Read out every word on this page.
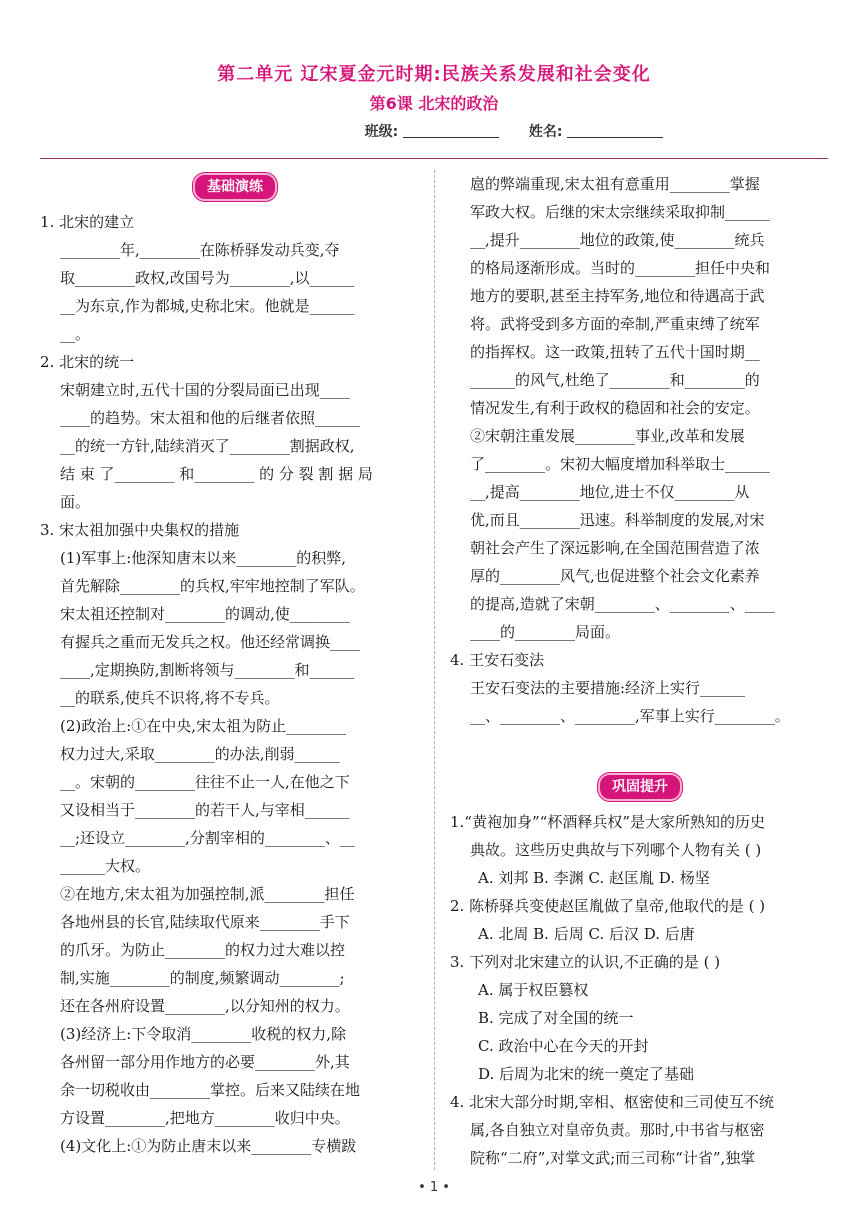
第二单元 辽宋夏金元时期:民族关系发展和社会变化
第6课 北宋的政治
班级:	姓名:
基础演练

1. 北宋的建立

________年,________在陈桥驿发动兵变,夺

取________政权,改国号为________,以______

__为东京,作为都城,史称北宋。他就是______

__。

2. 北宋的统一

宋朝建立时,五代十国的分裂局面已出现____

____的趋势。宋太祖和他的后继者依照______

__的统一方针,陆续消灭了________割据政权,

结 束 了________ 和________ 的 分 裂 割 据 局

面。

3. 宋太祖加强中央集权的措施

(1)军事上:他深知唐末以来________的积弊,

首先解除________的兵权,牢牢地控制了军队。

宋太祖还控制对________的调动,使________

有握兵之重而无发兵之权。他还经常调换____

____,定期换防,割断将领与________和______

__的联系,使兵不识将,将不专兵。

(2)政治上:①在中央,宋太祖为防止________

权力过大,采取________的办法,削弱______

__。宋朝的________往往不止一人,在他之下

又设相当于________的若干人,与宰相______

__;还设立________,分割宰相的________、__

______大权。

②在地方,宋太祖为加强控制,派________担任

各地州县的长官,陆续取代原来________手下

的爪牙。为防止________的权力过大难以控

制,实施________的制度,频繁调动________;

还在各州府设置________,以分知州的权力。

(3)经济上:下令取消________收税的权力,除

各州留一部分用作地方的必要________外,其

余一切税收由________掌控。后来又陆续在地

方设置________,把地方________收归中央。

(4)文化上:①为防止唐末以来________专横跋

扈的弊端重现,宋太祖有意重用________掌握

军政大权。后继的宋太宗继续采取抑制______

__,提升________地位的政策,使________统兵

的格局逐渐形成。当时的________担任中央和

地方的要职,甚至主持军务,地位和待遇高于武

将。武将受到多方面的牵制,严重束缚了统军

的指挥权。这一政策,扭转了五代十国时期__

______的风气,杜绝了________和________的

情况发生,有利于政权的稳固和社会的安定。

②宋朝注重发展________事业,改革和发展

了________。宋初大幅度增加科举取士______

__,提高________地位,进士不仅________从

优,而且________迅速。科举制度的发展,对宋

朝社会产生了深远影响,在全国范围营造了浓

厚的________风气,也促进整个社会文化素养

的提高,造就了宋朝________、________、____

____的________局面。

4. 王安石变法

王安石变法的主要措施:经济上实行______

__、________、________,军事上实行________。

巩固提升

1.“黄袍加身”“杯酒释兵权”是大家所熟知的历史

典故。这些历史典故与下列哪个人物有关 ( )

A. 刘邦 B. 李渊 C. 赵匡胤 D. 杨坚

2. 陈桥驿兵变使赵匡胤做了皇帝,他取代的是 ( )

A. 北周 B. 后周 C. 后汉 D. 后唐

3. 下列对北宋建立的认识,不正确的是 ( )

A. 属于权臣篡权

B. 完成了对全国的统一

C. 政治中心在今天的开封

D. 后周为北宋的统一奠定了基础

4. 北宋大部分时期,宰相、枢密使和三司使互不统

属,各自独立对皇帝负责。那时,中书省与枢密

院称“二府”,对掌文武;而三司称“计省”,独掌

• 1 •
